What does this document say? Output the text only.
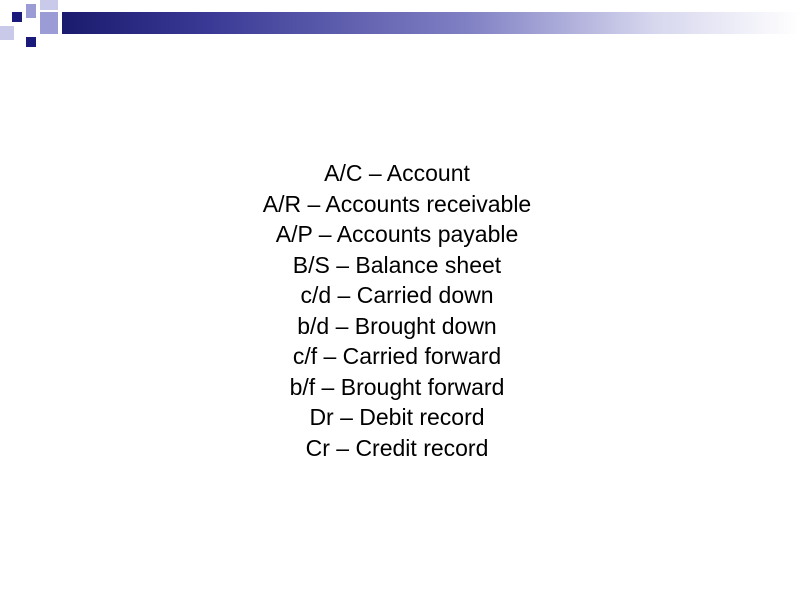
A/C – Account
A/R – Accounts receivable
A/P – Accounts payable
B/S – Balance sheet
c/d – Carried down
b/d – Brought down
c/f – Carried forward
b/f – Brought forward
Dr – Debit record
Cr – Credit record
